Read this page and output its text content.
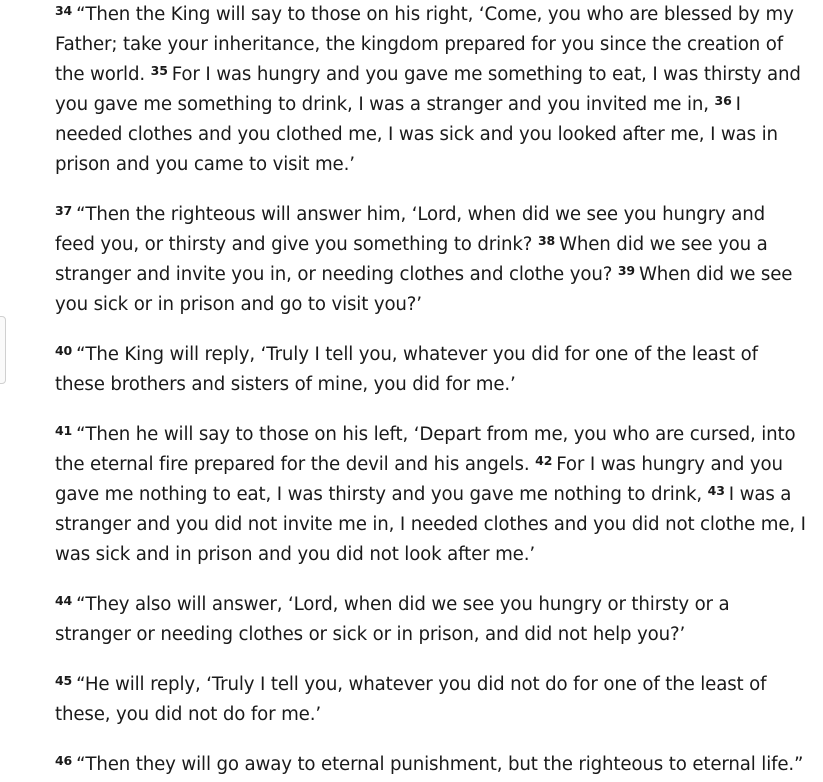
$^{34}$ “Then the King will say to those on his right, ‘Come, you who are blessed by my Father; take your inheritance, the kingdom prepared for you since the creation of the world. $^{35}$ For I was hungry and you gave me something to eat, I was thirsty and you gave me something to drink, I was a stranger and you invited me in, $^{36}$ I needed clothes and you clothed me, I was sick and you looked after me, I was in prison and you came to visit me.’

$^{37}$ “Then the righteous will answer him, ‘Lord, when did we see you hungry and feed you, or thirsty and give you something to drink? $^{38}$ When did we see you a stranger and invite you in, or needing clothes and clothe you? $^{39}$ When did we see you sick or in prison and go to visit you?’

$^{40}$ “The King will reply, ‘Truly I tell you, whatever you did for one of the least of these brothers and sisters of mine, you did for me.’

$^{41}$ “Then he will say to those on his left, ‘Depart from me, you who are cursed, into the eternal fire prepared for the devil and his angels. $^{42}$ For I was hungry and you gave me nothing to eat, I was thirsty and you gave me nothing to drink, $^{43}$ I was a stranger and you did not invite me in, I needed clothes and you did not clothe me, I was sick and in prison and you did not look after me.’

$^{44}$ “They also will answer, ‘Lord, when did we see you hungry or thirsty or a stranger or needing clothes or sick or in prison, and did not help you?’

$^{45}$ “He will reply, ‘Truly I tell you, whatever you did not do for one of the least of these, you did not do for me.’

$^{46}$ “Then they will go away to eternal punishment, but the righteous to eternal life.”
